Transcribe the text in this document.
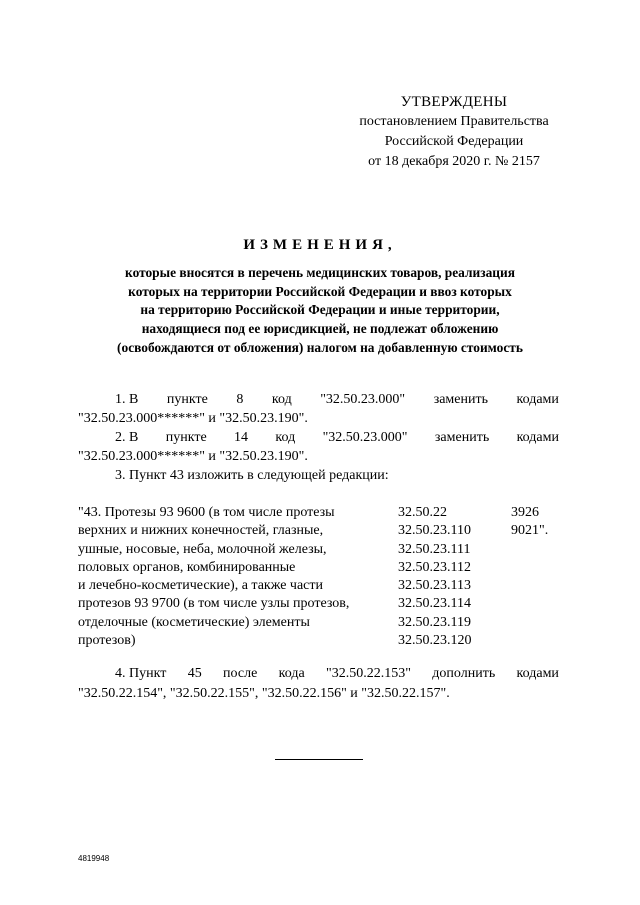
УТВЕРЖДЕНЫ
постановлением Правительства
Российской Федерации
от 18 декабря 2020 г. № 2157
ИЗМЕНЕНИЯ,
которые вносятся в перечень медицинских товаров, реализация
которых на территории Российской Федерации и ввоз которых
на территорию Российской Федерации и иные территории,
находящиеся под ее юрисдикцией, не подлежат обложению
(освобождаются от обложения) налогом на добавленную стоимость
1. В пункте 8 код "32.50.23.000" заменить кодами
"32.50.23.000******" и "32.50.23.190".
2. В пункте 14 код "32.50.23.000" заменить кодами
"32.50.23.000******" и "32.50.23.190".
3. Пункт 43 изложить в следующей редакции:
"43. Протезы 93 9600 (в том числе протезы
верхних и нижних конечностей, глазные,
ушные, носовые, неба, молочной железы,
половых органов, комбинированные
и лечебно-косметические), а также части
протезов 93 9700 (в том числе узлы протезов,
отделочные (косметические) элементы
протезов)
32.50.22
32.50.23.110
32.50.23.111
32.50.23.112
32.50.23.113
32.50.23.114
32.50.23.119
32.50.23.120
3926
9021".
4. Пункт 45 после кода "32.50.22.153" дополнить кодами
"32.50.22.154", "32.50.22.155", "32.50.22.156" и "32.50.22.157".
4819948
